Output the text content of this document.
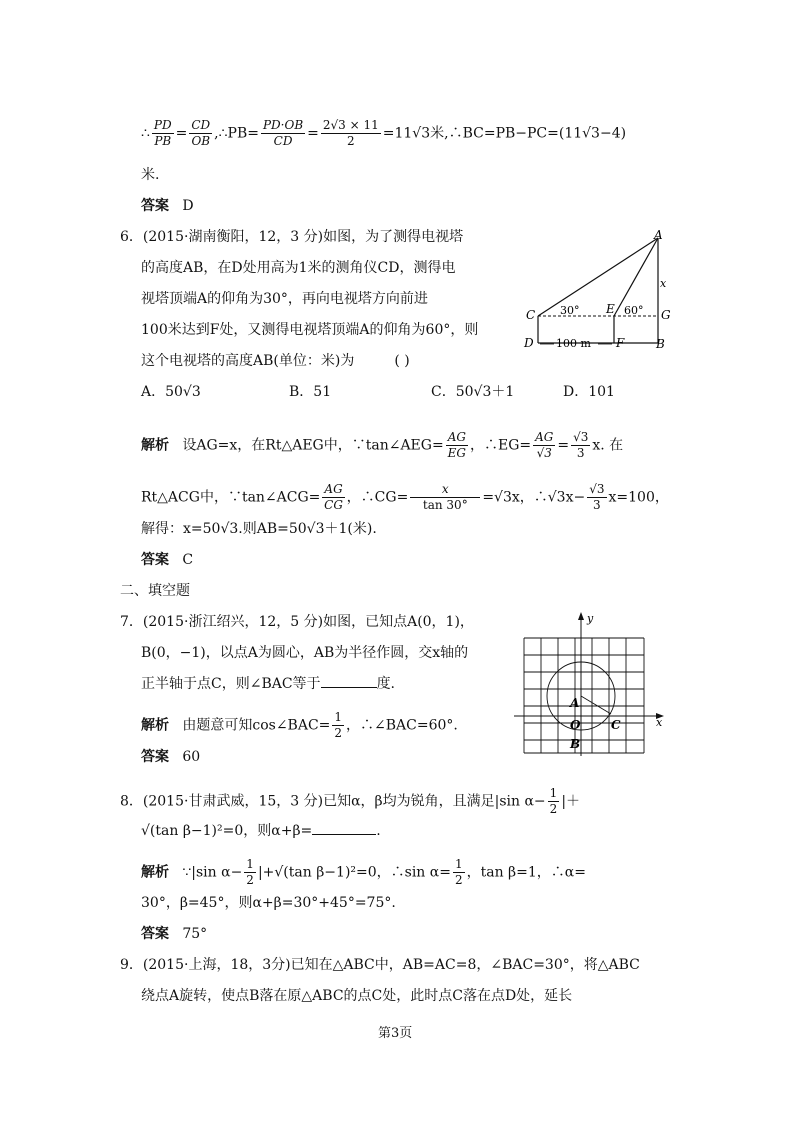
∴ $\frac{PD}{PB} = \frac{CD}{OB}$ ,∴PB= $\frac{PD\cdot OB}{CD} = \frac{2√3 \times 11}{2} =11√3$米,∴BC=PB−PC=(11√3−4)
米.
答案 D
6．(2015·湖南衡阳，12，3 分)如图，为了测得电视塔
的高度AB，在D处用高为1米的测角仪CD，测得电
视塔顶端A的仰角为30°，再向电视塔方向前进
100米达到F处，又测得电视塔顶端A的仰角为60°，则
这个电视塔的高度AB(单位：米)为	( )
A．50√3	B．51	C．50√3＋1	D．101
解析 设AG=x，在Rt△AEG中，∵tan∠AEG= $\frac{AG}{EG}$ ，∴EG= $\frac{AG}{√3} = \frac{√3}{3} x$. 在
Rt△ACG中，∵tan∠ACG= $\frac{AG}{CG}$ ，∴CG= $\frac{x}{\tan 30^\circ} =√3x$，∴√3x− $\frac{√3}{3} x=100$，
解得：x=50√3.则AB=50√3＋1(米).
答案 C
A
x
C 30° E 60° G
D 100 m F	B
二、填空题
7．(2015·浙江绍兴，12，5 分)如图，已知点A(0，1)，
B(0，−1)，以点A为圆心，AB为半径作圆，交x轴的
正半轴于点C，则∠BAC等于	度.
解析 由题意可知cos∠BAC= $\frac{1}{2}$ ，∴∠BAC=60°.
答案 60
y
x
A
O	C
B
8．(2015·甘肃武威，15，3 分)已知α，β均为锐角，且满足|sin $\alpha- \frac{1}{2}$ |＋
√(tan β−1)²=0，则α+β=	.
解析 ∵|sin $\alpha- \frac{1}{2} |+√(\tan$ β−1)²=0，∴sin $\alpha= \frac{1}{2}$ ，tan β=1，∴α=
30°，β=45°，则α+β=30°+45°=75°.
答案 75°
9．(2015·上海，18，3分)已知在△ABC中，AB=AC=8，∠BAC=30°，将△ABC
绕点A旋转，使点B落在原△ABC的点C处，此时点C落在点D处，延长
第3页
